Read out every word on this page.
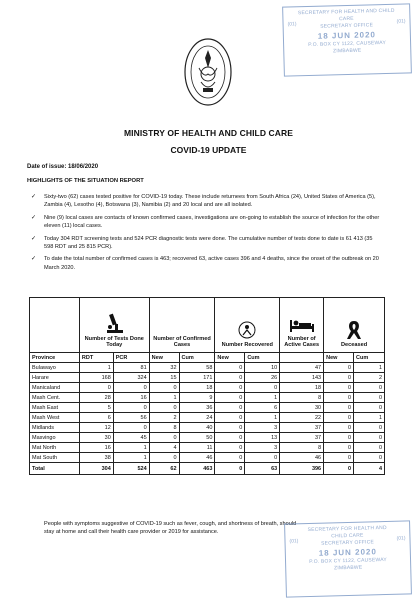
SECRETARY FOR HEALTH AND CHILD
CARE
(01)	(01)
SECRETARY OFFICE
18 JUN 2020
P.O. BOX CY 1122, CAUSEWAY
ZIMBABWE
MINISTRY OF HEALTH AND CHILD CARE
COVID-19 UPDATE
Date of issue: 18/06/2020
HIGHLIGHTS OF THE SITUATION REPORT
✓ Sixty-two (62) cases tested positive for COVID-19 today. These include returnees from South Africa (24), United States of America (5), Zambia (4), Lesotho (4), Botswana (3), Namibia (2) and 20 local and are all isolated.
✓ Nine (9) local cases are contacts of known confirmed cases, investigations are on-going to establish the source of infection for the other eleven (11) local cases.
✓ Today 304 RDT screening tests and 524 PCR diagnostic tests were done. The cumulative number of tests done to date is 61 413 (35 598 RDT and 25 815 PCR).
✓ To date the total number of confirmed cases is 463; recovered 63, active cases 396 and 4 deaths, since the onset of the outbreak on 20 March 2020.

Number of Tests Done Today		Number of Confirmed Cases		Number Recovered		Number of Active Cases	Deceased	
Province	RDT	PCR	New	Cum	New	Cum		New	Cum
Bulawayo	1	81	32	58	0	10	47	0	1
Harare	168	324	15	171	0	26	143	0	2
Manicaland	0	0	0	18	0	0	18	0	0
Mash Cent.	28	16	1	9	0	1	8	0	0
Mash East	5	0	0	36	0	6	30	0	0
Mash West	6	56	2	24	0	1	22	0	1
Midlands	12	0	8	40	0	3	37	0	0
Masvingo	30	45	0	50	0	13	37	0	0
Mat North	16	1	4	11	0	3	8	0	0
Mat South	38	1	0	46	0	0	46	0	0
Total	304	524	62	463	0	63	396	0	4
People with symptoms suggestive of COVID-19 such as fever, cough, and shortness of breath, should stay at home and call their health care provider or 2019 for assistance.	SECRETARY FOR HEALTH AND
CHILD CARE
(01)	(01)
SECRETARY OFFICE
18 JUN 2020
P.O. BOX CY 1122, CAUSEWAY
ZIMBABWE
